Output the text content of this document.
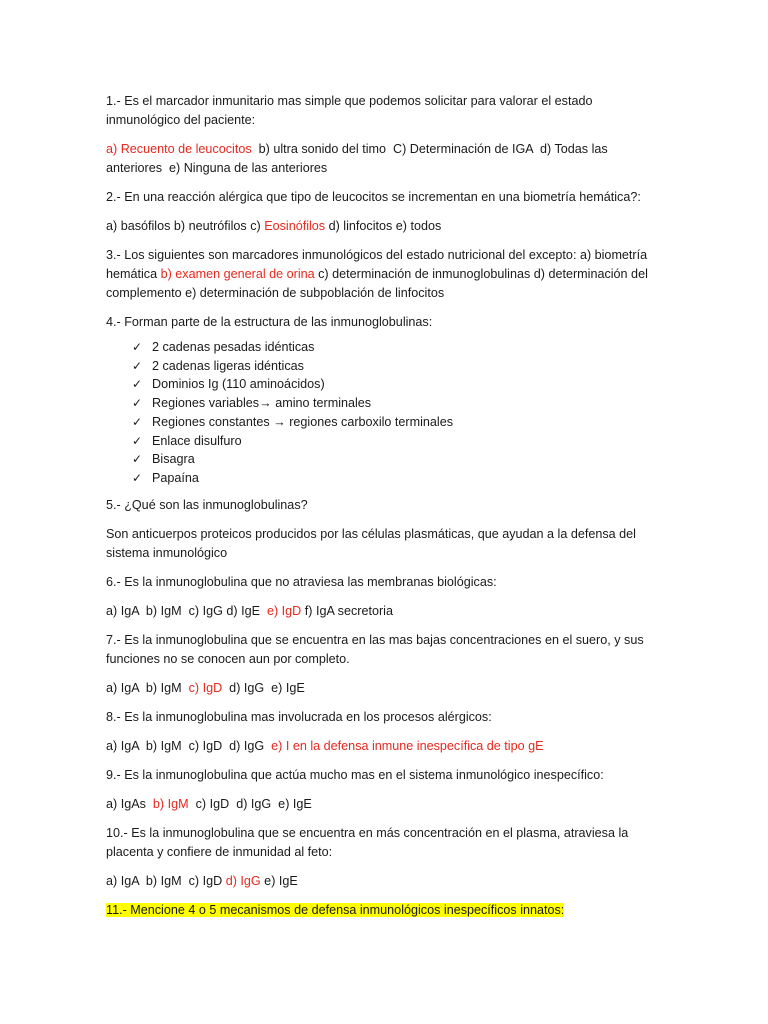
1.- Es el marcador inmunitario mas simple que podemos solicitar para valorar el estado inmunológico del paciente:

a) Recuento de leucocitos  b) ultra sonido del timo  C) Determinación de IGA  d) Todas las anteriores  e) Ninguna de las anteriores

2.- En una reacción alérgica que tipo de leucocitos se incrementan en una biometría hemática?:

a) basófilos b) neutrófilos c) Eosinófilos d) linfocitos e) todos

3.- Los siguientes son marcadores inmunológicos del estado nutricional del excepto: a) biometría hemática b) examen general de orina c) determinación de inmunoglobulinas d) determinación del complemento e) determinación de subpoblación de linfocitos

4.- Forman parte de la estructura de las inmunoglobulinas:

✓ 2 cadenas pesadas idénticas
✓ 2 cadenas ligeras idénticas
✓ Dominios Ig (110 aminoácidos)
✓ Regiones variables→ amino terminales
✓ Regiones constantes → regiones carboxilo terminales
✓ Enlace disulfuro
✓ Bisagra
✓ Papaína

5.- ¿Qué son las inmunoglobulinas?

Son anticuerpos proteicos producidos por las células plasmáticas, que ayudan a la defensa del sistema inmunológico

6.- Es la inmunoglobulina que no atraviesa las membranas biológicas:

a) IgA  b) IgM  c) IgG d) IgE  e) IgD f) IgA secretoria

7.- Es la inmunoglobulina que se encuentra en las mas bajas concentraciones en el suero, y sus funciones no se conocen aun por completo.

a) IgA  b) IgM  c) IgD  d) IgG  e) IgE

8.- Es la inmunoglobulina mas involucrada en los procesos alérgicos:

a) IgA  b) IgM  c) IgD  d) IgG  e) I en la defensa inmune inespecífica de tipo gE

9.- Es la inmunoglobulina que actúa mucho mas en el sistema inmunológico inespecífico:

a) IgAs  b) IgM  c) IgD  d) IgG  e) IgE

10.- Es la inmunoglobulina que se encuentra en más concentración en el plasma, atraviesa la placenta y confiere de inmunidad al feto:

a) IgA  b) IgM  c) IgD d) IgG e) IgE

11.- Mencione 4 o 5 mecanismos de defensa inmunológicos inespecíficos innatos:
